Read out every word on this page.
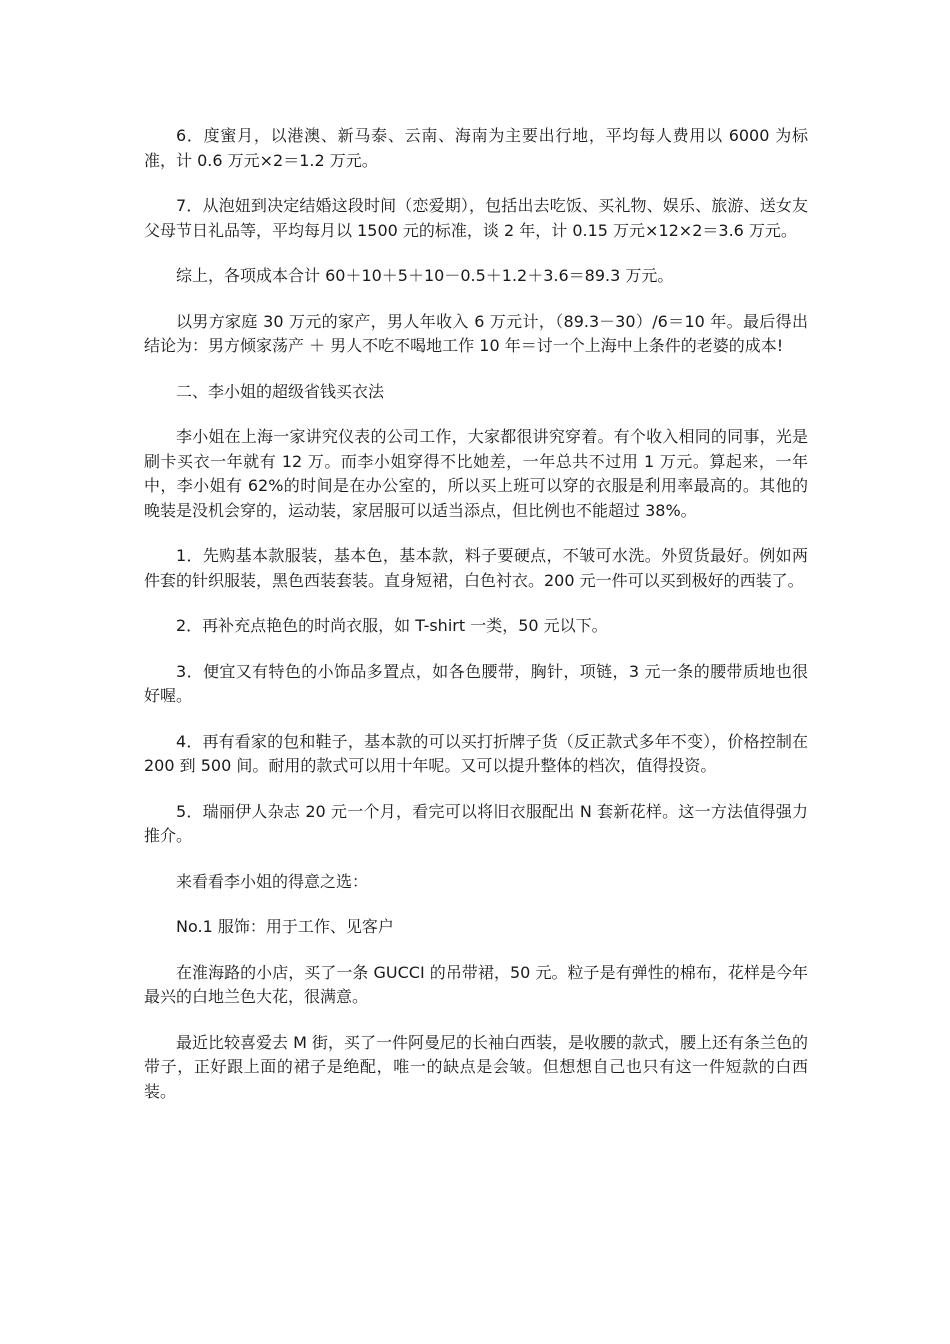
6．度蜜月，以港澳、新马泰、云南、海南为主要出行地，平均每人费用以 6000 为标准，计 0.6 万元×2＝1.2 万元。

7．从泡妞到决定结婚这段时间（恋爱期），包括出去吃饭、买礼物、娱乐、旅游、送女友父母节日礼品等，平均每月以 1500 元的标准，谈 2 年，计 0.15 万元×12×2＝3.6 万元。

综上，各项成本合计 60＋10＋5＋10－0.5＋1.2＋3.6＝89.3 万元。

以男方家庭 30 万元的家产，男人年收入 6 万元计，（89.3－30）/6＝10 年。最后得出结论为：男方倾家荡产 ＋ 男人不吃不喝地工作 10 年＝讨一个上海中上条件的老婆的成本!

二、李小姐的超级省钱买衣法

李小姐在上海一家讲究仪表的公司工作，大家都很讲究穿着。有个收入相同的同事，光是刷卡买衣一年就有 12 万。而李小姐穿得不比她差，一年总共不过用 1 万元。算起来，一年中，李小姐有 62%的时间是在办公室的，所以买上班可以穿的衣服是利用率最高的。其他的晚装是没机会穿的，运动装，家居服可以适当添点，但比例也不能超过 38%。

1．先购基本款服装，基本色，基本款，料子要硬点，不皱可水洗。外贸货最好。例如两件套的针织服装，黑色西装套装。直身短裙，白色衬衣。200 元一件可以买到极好的西装了。

2．再补充点艳色的时尚衣服，如 T-shirt 一类，50 元以下。

3．便宜又有特色的小饰品多置点，如各色腰带，胸针，项链，3 元一条的腰带质地也很好喔。

4．再有看家的包和鞋子，基本款的可以买打折牌子货（反正款式多年不变），价格控制在 200 到 500 间。耐用的款式可以用十年呢。又可以提升整体的档次，值得投资。

5．瑞丽伊人杂志 20 元一个月，看完可以将旧衣服配出 N 套新花样。这一方法值得强力推介。

来看看李小姐的得意之选：

No.1 服饰：用于工作、见客户

在淮海路的小店，买了一条 GUCCI 的吊带裙，50 元。粒子是有弹性的棉布，花样是今年最兴的白地兰色大花，很满意。

最近比较喜爱去 M 街，买了一件阿曼尼的长袖白西装，是收腰的款式，腰上还有条兰色的带子，正好跟上面的裙子是绝配，唯一的缺点是会皱。但想想自己也只有这一件短款的白西装。
